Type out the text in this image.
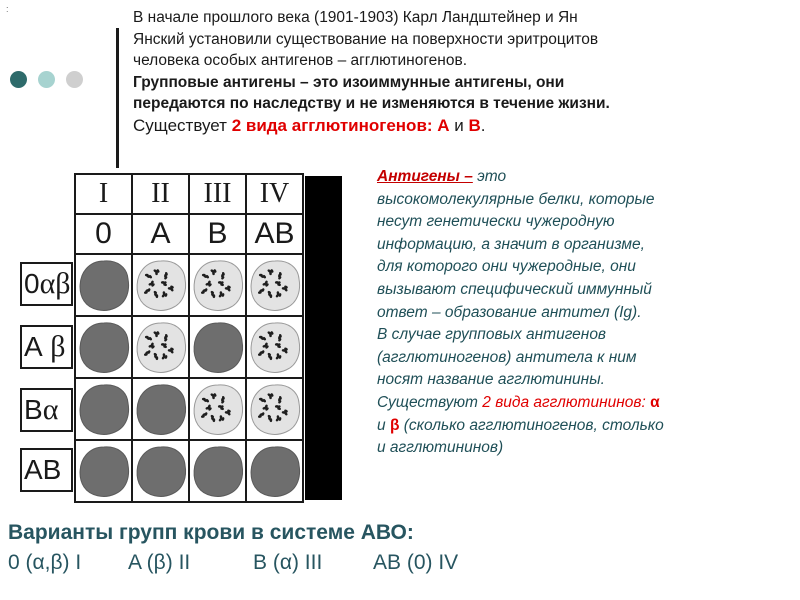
:	В начале прошлого века (1901-1903) Карл Ландштейнер и Ян
Янский установили существование на поверхности эритроцитов
человека особых антигенов – агглютиногенов.
Групповые антигены – это изоиммунные антигены, они
передаются по наследству и не изменяются в течение жизни.
Существует 2 вида агглютиногенов: А и В.
I	II	III	IV
0	A	B	AB

0 αβ
A β
B α
AB
Антигены – это
высокомолекулярные белки, которые
несут генетически чужеродную
информацию, а значит в организме,
для которого они чужеродные, они
вызывают специфический иммунный
ответ – образование антител (Ig).
В случае групповых антигенов
(агглютиногенов) антитела к ним
носят название агглютинины.
Существуют 2 вида агглютининов: α
и β (сколько агглютиногенов, столько
и агглютининов)
Варианты групп крови в системе АВО:
0 (α,β) I	A (β) II	B (α) III	AB (0) IV
